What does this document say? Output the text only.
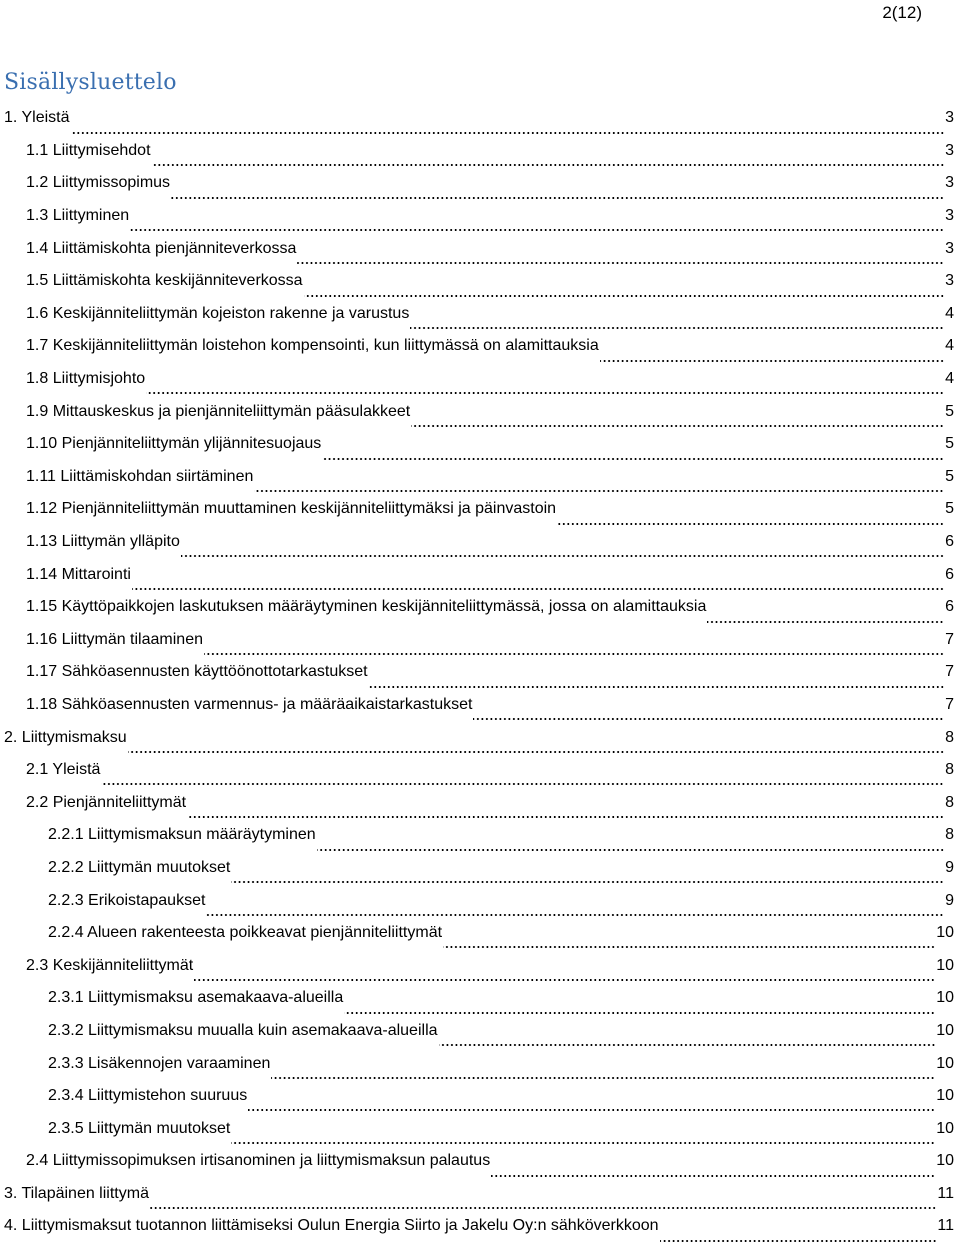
2(12)
Sisällysluettelo
1. Yleistä	3
1.1 Liittymisehdot	3
1.2 Liittymissopimus	3
1.3 Liittyminen	3
1.4 Liittämiskohta pienjänniteverkossa	3
1.5 Liittämiskohta keskijänniteverkossa	3
1.6 Keskijänniteliittymän kojeiston rakenne ja varustus	4
1.7 Keskijänniteliittymän loistehon kompensointi, kun liittymässä on alamittauksia	4
1.8 Liittymisjohto	4
1.9 Mittauskeskus ja pienjänniteliittymän pääsulakkeet	5
1.10 Pienjänniteliittymän ylijännitesuojaus	5
1.11 Liittämiskohdan siirtäminen	5
1.12 Pienjänniteliittymän muuttaminen keskijänniteliittymäksi ja päinvastoin	5
1.13 Liittymän ylläpito	6
1.14 Mittarointi	6
1.15 Käyttöpaikkojen laskutuksen määräytyminen keskijänniteliittymässä, jossa on alamittauksia	6
1.16 Liittymän tilaaminen	7
1.17 Sähköasennusten käyttöönottotarkastukset	7
1.18 Sähköasennusten varmennus- ja määräaikaistarkastukset	7
2. Liittymismaksu	8
2.1 Yleistä	8
2.2 Pienjänniteliittymät	8
2.2.1 Liittymismaksun määräytyminen	8
2.2.2 Liittymän muutokset	9
2.2.3 Erikoistapaukset	9
2.2.4 Alueen rakenteesta poikkeavat pienjänniteliittymät	10
2.3 Keskijänniteliittymät	10
2.3.1 Liittymismaksu asemakaava-alueilla	10
2.3.2 Liittymismaksu muualla kuin asemakaava-alueilla	10
2.3.3 Lisäkennojen varaaminen	10
2.3.4 Liittymistehon suuruus	10
2.3.5 Liittymän muutokset	10
2.4 Liittymissopimuksen irtisanominen ja liittymismaksun palautus	10
3. Tilapäinen liittymä	11
4. Liittymismaksut tuotannon liittämiseksi Oulun Energia Siirto ja Jakelu Oy:n sähköverkkoon	11
